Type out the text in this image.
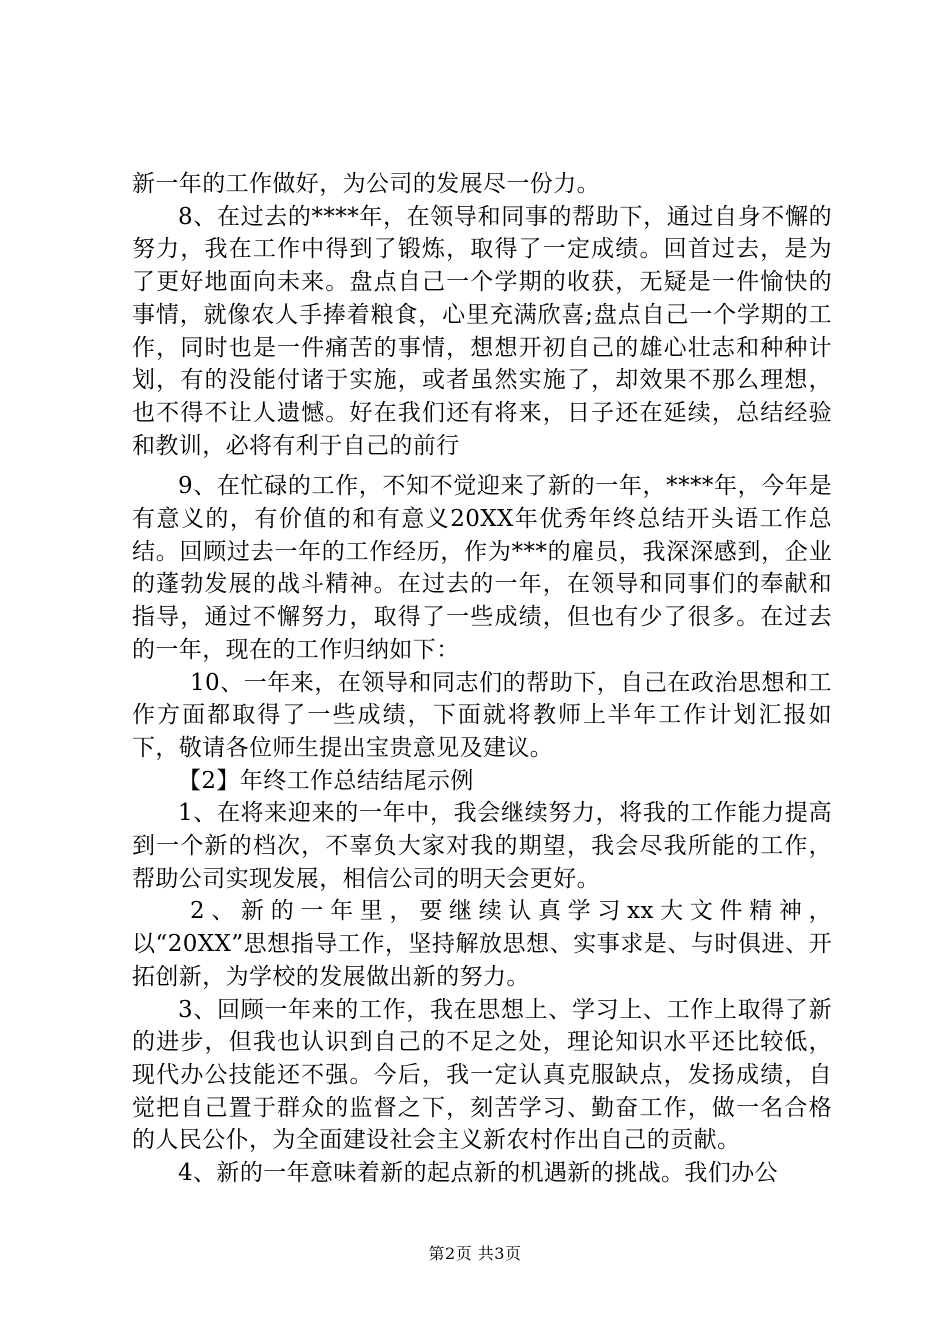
新一年的工作做好，为公司的发展尽一份力。

8、在过去的****年，在领导和同事的帮助下，通过自身不懈的努力，我在工作中得到了锻炼，取得了一定成绩。回首过去，是为了更好地面向未来。盘点自己一个学期的收获，无疑是一件愉快的事情，就像农人手捧着粮食，心里充满欣喜;盘点自己一个学期的工作，同时也是一件痛苦的事情，想想开初自己的雄心壮志和种种计划，有的没能付诸于实施，或者虽然实施了，却效果不那么理想，也不得不让人遗憾。好在我们还有将来，日子还在延续，总结经验和教训，必将有利于自己的前行

9、在忙碌的工作，不知不觉迎来了新的一年，****年，今年是有意义的，有价值的和有意义20XX年优秀年终总结开头语工作总结。回顾过去一年的工作经历，作为***的雇员，我深深感到，企业的蓬勃发展的战斗精神。在过去的一年，在领导和同事们的奉献和指导，通过不懈努力，取得了一些成绩，但也有少了很多。在过去的一年，现在的工作归纳如下：

10、一年来，在领导和同志们的帮助下，自己在政治思想和工作方面都取得了一些成绩，下面就将教师上半年工作计划汇报如下，敬请各位师生提出宝贵意见及建议。

【2】年终工作总结结尾示例

1、在将来迎来的一年中，我会继续努力，将我的工作能力提高到一个新的档次，不辜负大家对我的期望，我会尽我所能的工作，帮助公司实现发展，相信公司的明天会更好。

2、新的一年里，要继续认真学习xx大文件精神，以“20XX”思想指导工作，坚持解放思想、实事求是、与时俱进、开拓创新，为学校的发展做出新的努力。

3、回顾一年来的工作，我在思想上、学习上、工作上取得了新的进步，但我也认识到自己的不足之处，理论知识水平还比较低，现代办公技能还不强。今后，我一定认真克服缺点，发扬成绩，自觉把自己置于群众的监督之下，刻苦学习、勤奋工作，做一名合格的人民公仆，为全面建设社会主义新农村作出自己的贡献。

4、新的一年意味着新的起点新的机遇新的挑战。我们办公

第2页 共3页
